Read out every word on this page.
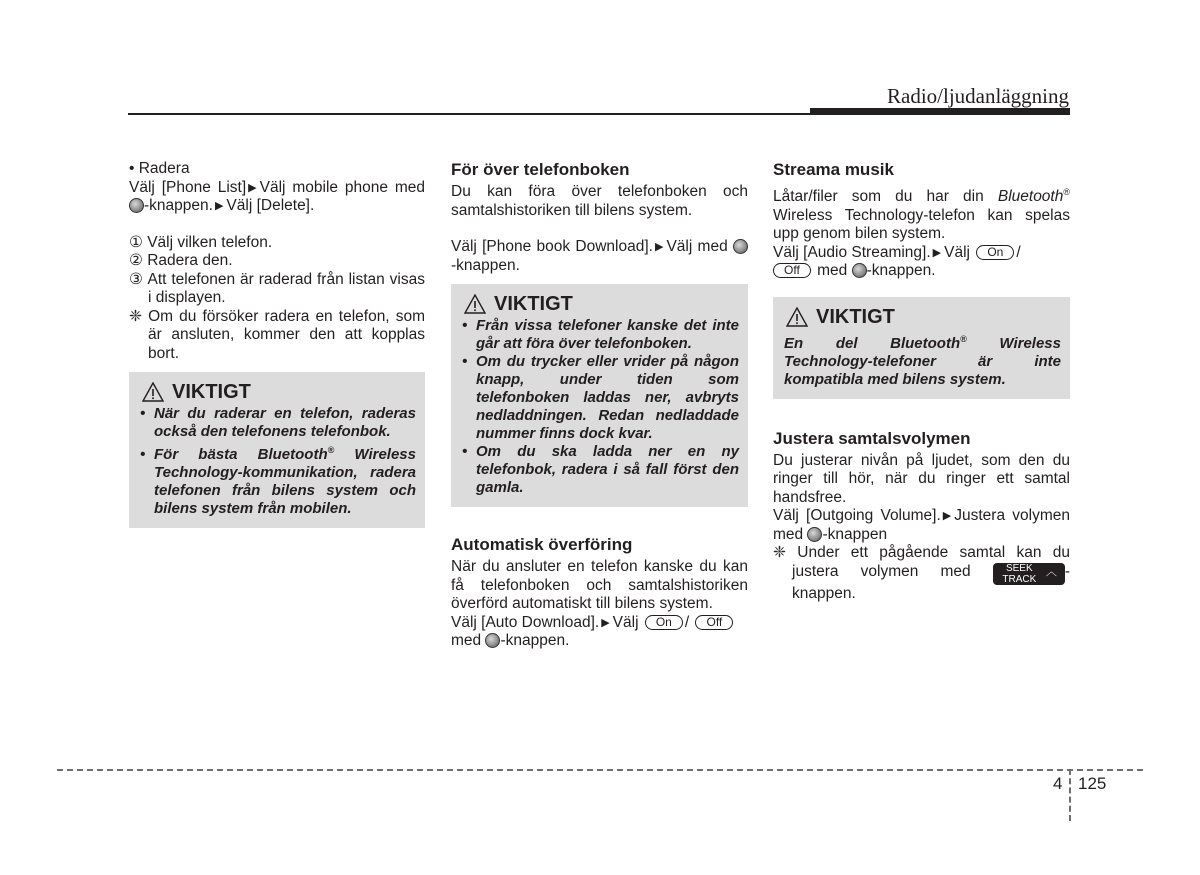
Radio/ljudanläggning

• Radera

Välj [Phone List] ▶ Välj mobile phone med -knappen. ▶ Välj [Delete].

① Välj vilken telefon.

② Radera den.

③ Att telefonen är raderad från listan visas i displayen.

❈ Om du försöker radera en telefon, som är ansluten, kommer den att kopplas bort.

VIKTIGT
• När du raderar en telefon, raderas också den telefonens telefonbok.
• För bästa Bluetooth® Wireless Technology-kommunikation, radera telefonen från bilens system och bilens system från mobilen.

För över telefonboken

Du kan föra över telefonboken och samtalshistoriken till bilens system.

Välj [Phone book Download]. ▶ Välj med -knappen.

VIKTIGT
• Från vissa telefoner kanske det inte går att föra över telefonboken.
• Om du trycker eller vrider på någon knapp, under tiden som telefonboken laddas ner, avbryts nedladdningen. Redan nedladdade nummer finns dock kvar.
• Om du ska ladda ner en ny telefonbok, radera i så fall först den gamla.

Automatisk överföring

När du ansluter en telefon kanske du kan få telefonboken och samtalshistoriken överförd automatiskt till bilens system.

Välj [Auto Download]. ▶ Välj On / Off
med -knappen.

Streama musik

Låtar/filer som du har din Bluetooth® Wireless Technology-telefon kan spelas upp genom bilen system.

Välj [Audio Streaming]. ▶ Välj On /
Off med -knappen.

VIKTIGT
En del Bluetooth® Wireless Technology-telefoner är inte kompatibla med bilens system.

Justera samtalsvolymen

Du justerar nivån på ljudet, som den du ringer till hör, när du ringer ett samtal handsfree.

Välj [Outgoing Volume]. ▶ Justera volymen med -knappen

❈ Under ett pågående samtal kan du justera volymen med ﹀	SEEK
TRACK
︿ -knappen.

4 125
